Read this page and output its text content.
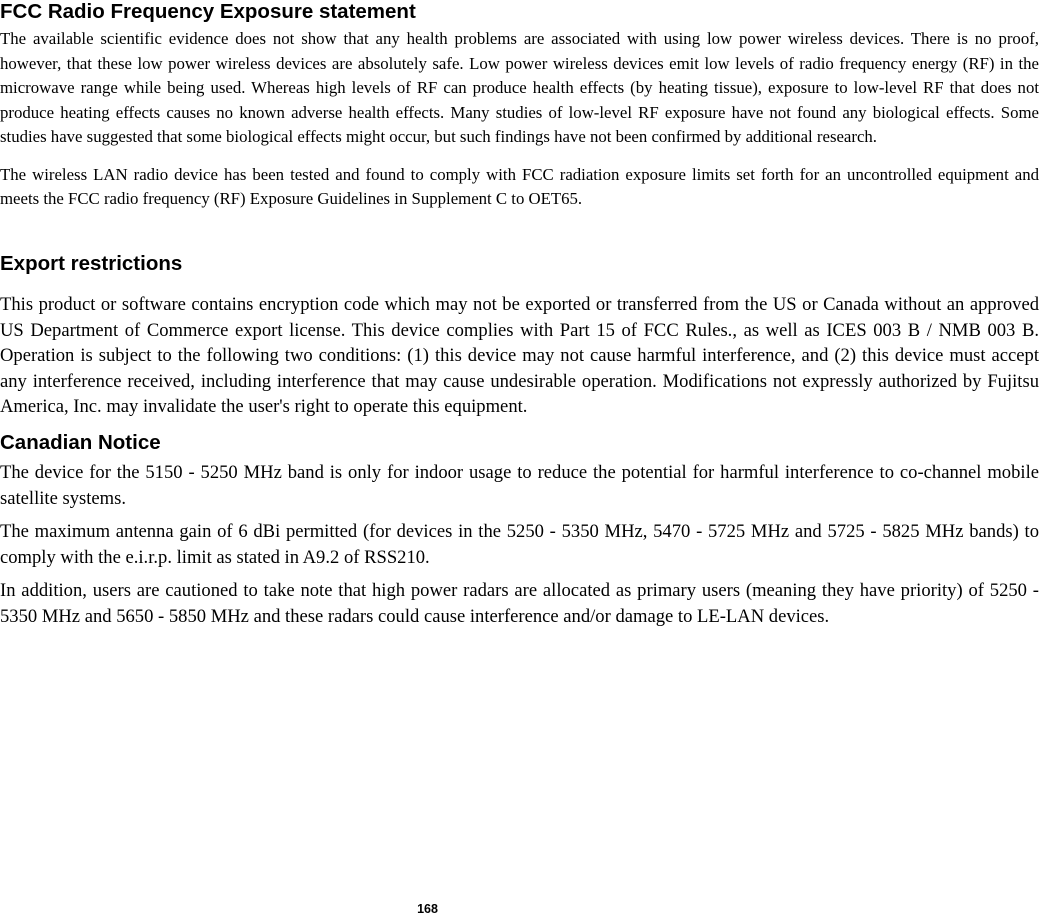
FCC Radio Frequency Exposure statement

The available scientific evidence does not show that any health problems are associated with using low power wireless devices. There is no proof, however, that these low power wireless devices are absolutely safe. Low power wireless devices emit low levels of radio frequency energy (RF) in the microwave range while being used. Whereas high levels of RF can produce health effects (by heating tissue), exposure to low-level RF that does not produce heating effects causes no known adverse health effects. Many studies of low-level RF exposure have not found any biological effects. Some studies have suggested that some biological effects might occur, but such findings have not been confirmed by additional research.

The wireless LAN radio device has been tested and found to comply with FCC radiation exposure limits set forth for an uncontrolled equipment and meets the FCC radio frequency (RF) Exposure Guidelines in Supplement C to OET65.

Export restrictions

This product or software contains encryption code which may not be exported or transferred from the US or Canada without an approved US Department of Commerce export license. This device complies with Part 15 of FCC Rules., as well as ICES 003 B / NMB 003 B. Operation is subject to the following two conditions: (1) this device may not cause harmful interference, and (2) this device must accept any interference received, including interference that may cause undesirable operation. Modifications not expressly authorized by Fujitsu America, Inc. may invalidate the user's right to operate this equipment.

Canadian Notice

The device for the 5150 - 5250 MHz band is only for indoor usage to reduce the potential for harmful interference to co-channel mobile satellite systems.

The maximum antenna gain of 6 dBi permitted (for devices in the 5250 - 5350 MHz, 5470 - 5725 MHz and 5725 - 5825 MHz bands) to comply with the e.i.r.p. limit as stated in A9.2 of RSS210.

In addition, users are cautioned to take note that high power radars are allocated as primary users (meaning they have priority) of 5250 - 5350 MHz and 5650 - 5850 MHz and these radars could cause interference and/or damage to LE-LAN devices.

168
